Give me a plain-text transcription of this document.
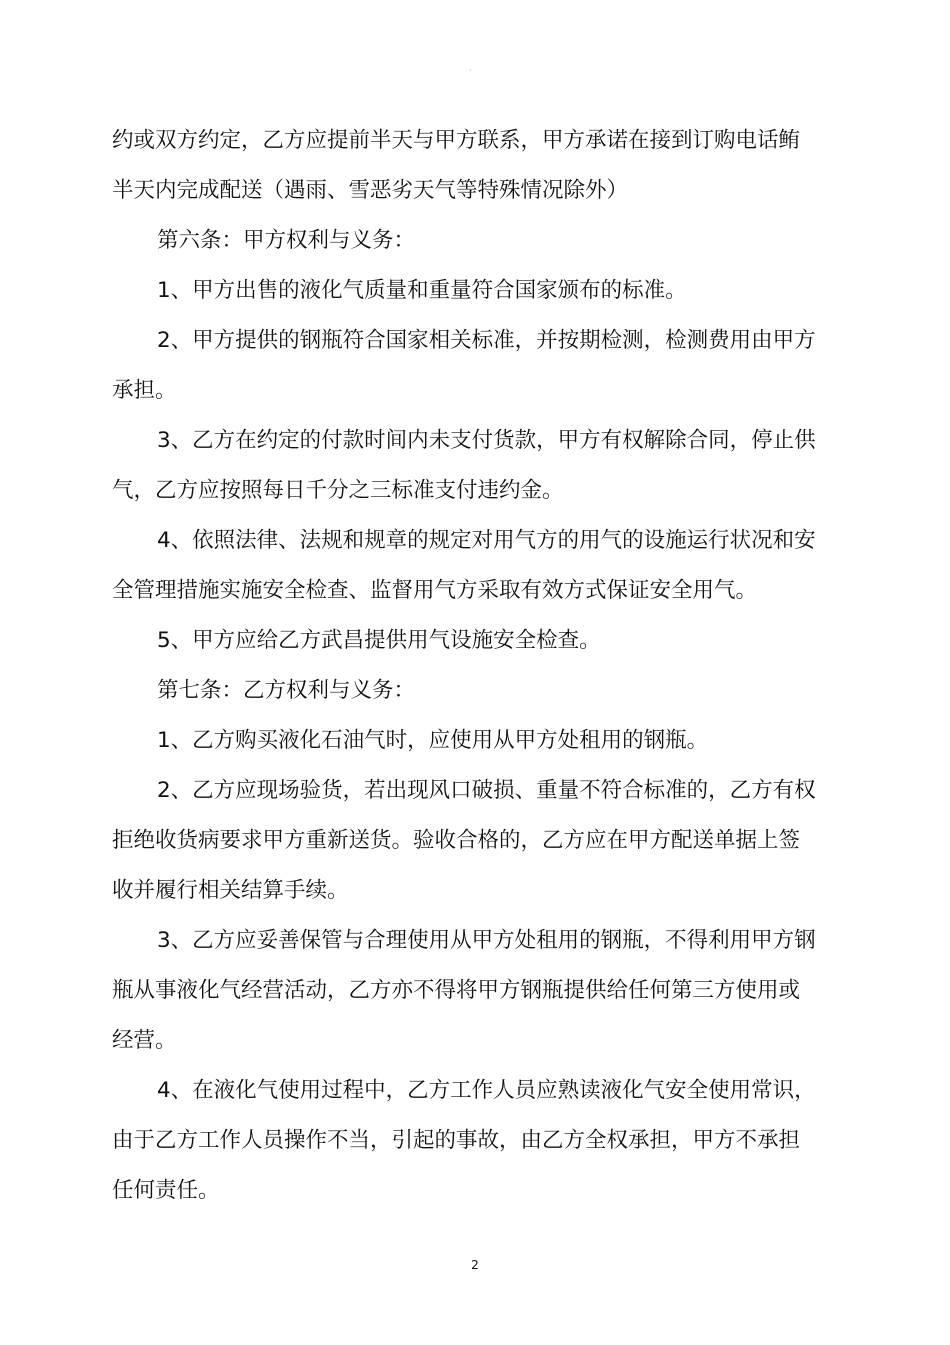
·
约或双方约定，乙方应提前半天与甲方联系，甲方承诺在接到订购电话鲔
半天内完成配送（遇雨、雪恶劣天气等特殊情况除外）
第六条：甲方权利与义务：
1、甲方出售的液化气质量和重量符合国家颁布的标准。
2、甲方提供的钢瓶符合国家相关标准，并按期检测，检测费用由甲方
承担。
3、乙方在约定的付款时间内未支付货款，甲方有权解除合同，停止供
气，乙方应按照每日千分之三标准支付违约金。
4、依照法律、法规和规章的规定对用气方的用气的设施运行状况和安
全管理措施实施安全检查、监督用气方采取有效方式保证安全用气。
5、甲方应给乙方武昌提供用气设施安全检查。
第七条：乙方权利与义务：
1、乙方购买液化石油气时，应使用从甲方处租用的钢瓶。
2、乙方应现场验货，若出现风口破损、重量不符合标准的，乙方有权
拒绝收货病要求甲方重新送货。验收合格的，乙方应在甲方配送单据上签
收并履行相关结算手续。
3、乙方应妥善保管与合理使用从甲方处租用的钢瓶，不得利用甲方钢
瓶从事液化气经营活动，乙方亦不得将甲方钢瓶提供给任何第三方使用或
经营。
4、在液化气使用过程中，乙方工作人员应熟读液化气安全使用常识，
由于乙方工作人员操作不当，引起的事故，由乙方全权承担，甲方不承担
任何责任。
2
